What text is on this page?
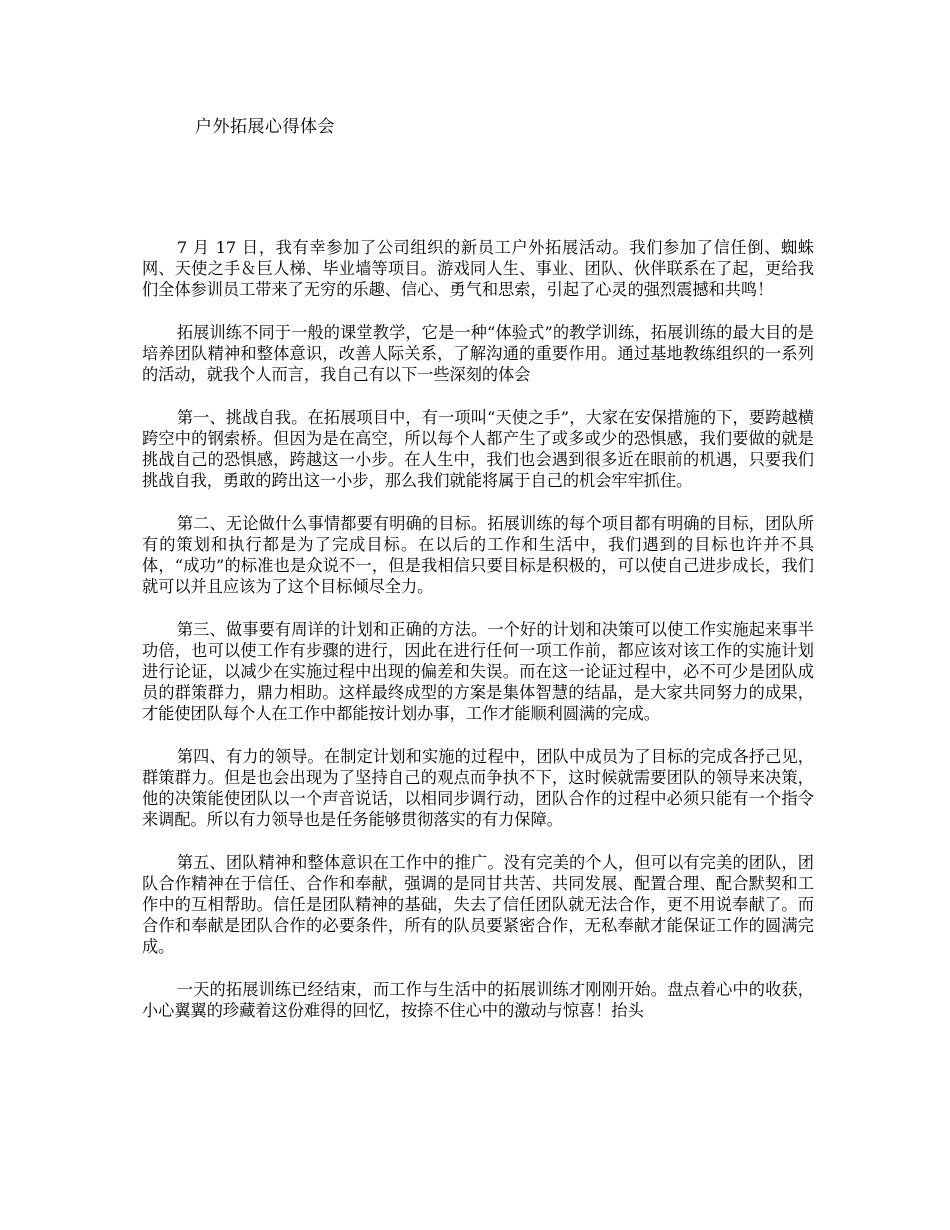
户外拓展心得体会

7 月 17 日，我有幸参加了公司组织的新员工户外拓展活动。我们参加了信任倒、蜘蛛网、天使之手＆巨人梯、毕业墙等项目。游戏同人生、事业、团队、伙伴联系在了起，更给我们全体参训员工带来了无穷的乐趣、信心、勇气和思索，引起了心灵的强烈震撼和共鸣！

拓展训练不同于一般的课堂教学，它是一种“体验式”的教学训练，拓展训练的最大目的是培养团队精神和整体意识，改善人际关系，了解沟通的重要作用。通过基地教练组织的一系列的活动，就我个人而言，我自己有以下一些深刻的体会

第一、挑战自我。在拓展项目中，有一项叫“天使之手”，大家在安保措施的下，要跨越横跨空中的钢索桥。但因为是在高空，所以每个人都产生了或多或少的恐惧感，我们要做的就是挑战自己的恐惧感，跨越这一小步。在人生中，我们也会遇到很多近在眼前的机遇，只要我们挑战自我，勇敢的跨出这一小步，那么我们就能将属于自己的机会牢牢抓住。

第二、无论做什么事情都要有明确的目标。拓展训练的每个项目都有明确的目标，团队所有的策划和执行都是为了完成目标。在以后的工作和生活中，我们遇到的目标也许并不具体，“成功”的标准也是众说不一，但是我相信只要目标是积极的，可以使自己进步成长，我们就可以并且应该为了这个目标倾尽全力。

第三、做事要有周详的计划和正确的方法。一个好的计划和决策可以使工作实施起来事半功倍，也可以使工作有步骤的进行，因此在进行任何一项工作前，都应该对该工作的实施计划进行论证，以减少在实施过程中出现的偏差和失误。而在这一论证过程中，必不可少是团队成员的群策群力，鼎力相助。这样最终成型的方案是集体智慧的结晶，是大家共同努力的成果，才能使团队每个人在工作中都能按计划办事，工作才能顺利圆满的完成。

第四、有力的领导。在制定计划和实施的过程中，团队中成员为了目标的完成各抒己见，群策群力。但是也会出现为了坚持自己的观点而争执不下，这时候就需要团队的领导来决策，他的决策能使团队以一个声音说话，以相同步调行动，团队合作的过程中必须只能有一个指令来调配。所以有力领导也是任务能够贯彻落实的有力保障。

第五、团队精神和整体意识在工作中的推广。没有完美的个人，但可以有完美的团队，团队合作精神在于信任、合作和奉献，强调的是同甘共苦、共同发展、配置合理、配合默契和工作中的互相帮助。信任是团队精神的基础，失去了信任团队就无法合作，更不用说奉献了。而合作和奉献是团队合作的必要条件，所有的队员要紧密合作，无私奉献才能保证工作的圆满完成。

一天的拓展训练已经结束，而工作与生活中的拓展训练才刚刚开始。盘点着心中的收获，小心翼翼的珍藏着这份难得的回忆，按捺不住心中的激动与惊喜！抬头
